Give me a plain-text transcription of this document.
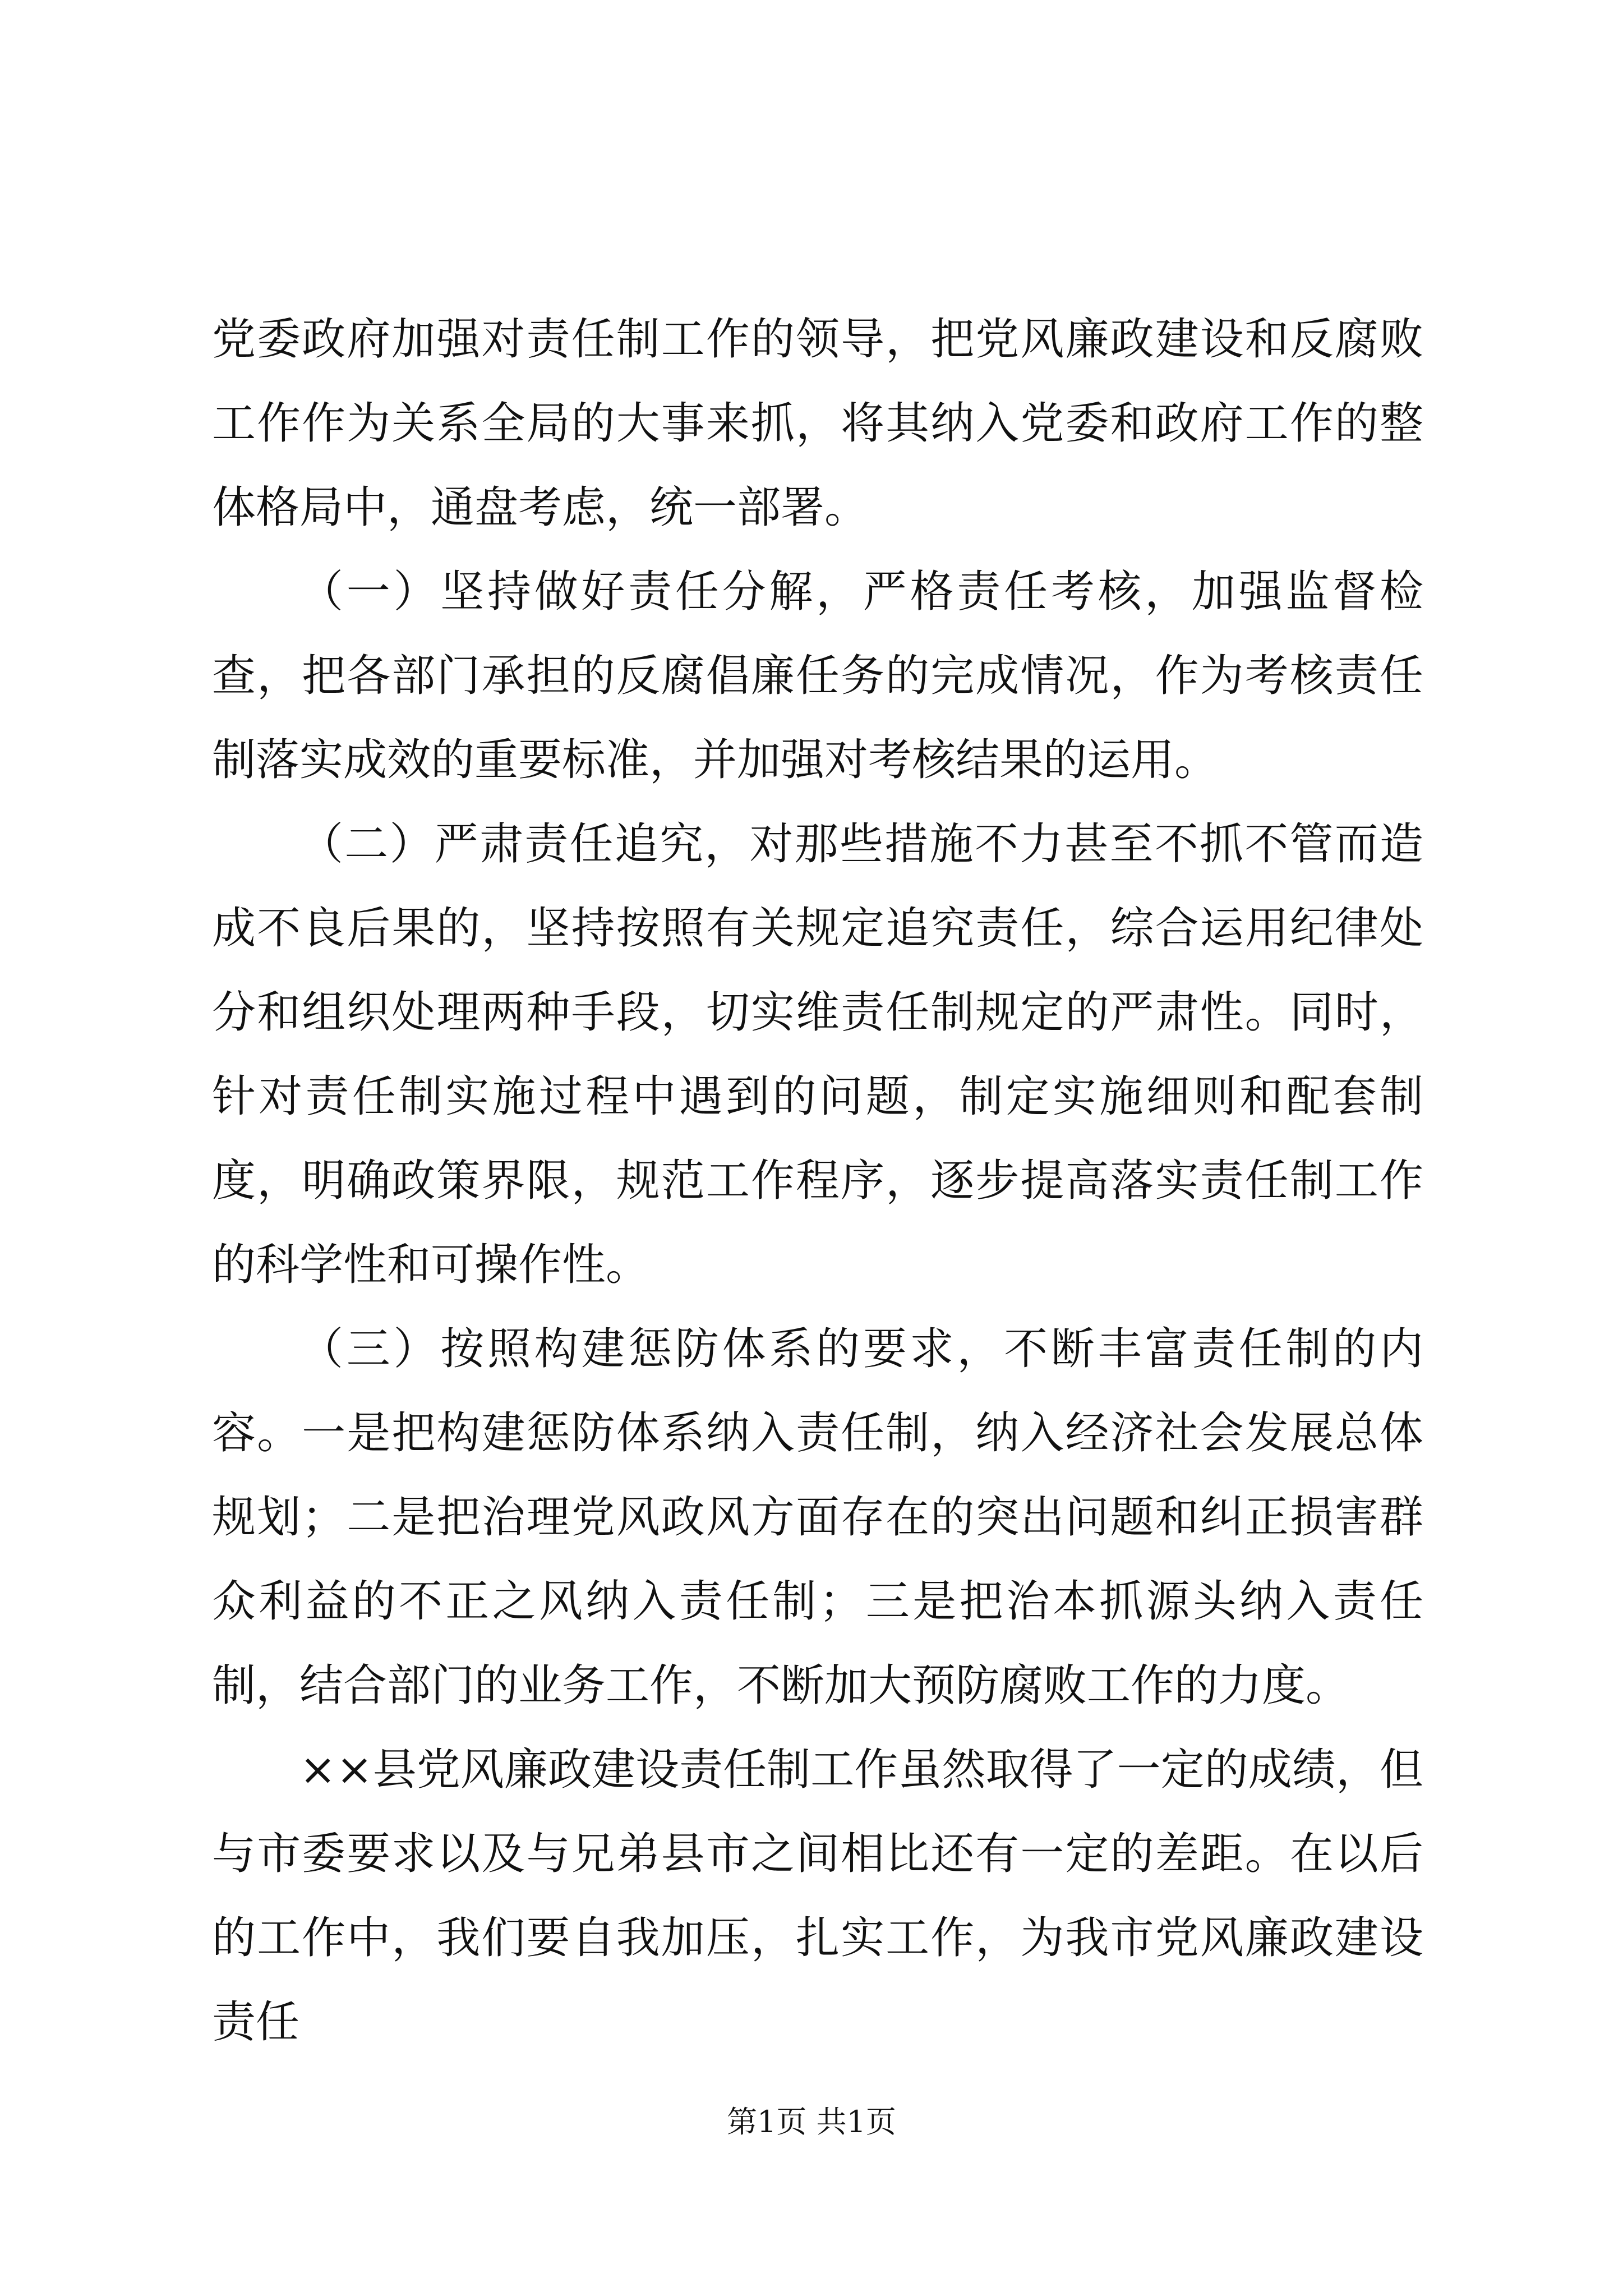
党委政府加强对责任制工作的领导，把党风廉政建设和反腐败工作作为关系全局的大事来抓，将其纳入党委和政府工作的整体格局中，通盘考虑，统一部署。

（一）坚持做好责任分解，严格责任考核，加强监督检查，把各部门承担的反腐倡廉任务的完成情况，作为考核责任制落实成效的重要标准，并加强对考核结果的运用。

（二）严肃责任追究，对那些措施不力甚至不抓不管而造成不良后果的，坚持按照有关规定追究责任，综合运用纪律处分和组织处理两种手段，切实维责任制规定的严肃性。同时，针对责任制实施过程中遇到的问题，制定实施细则和配套制度，明确政策界限，规范工作程序，逐步提高落实责任制工作的科学性和可操作性。

（三）按照构建惩防体系的要求，不断丰富责任制的内容。一是把构建惩防体系纳入责任制，纳入经济社会发展总体规划；二是把治理党风政风方面存在的突出问题和纠正损害群众利益的不正之风纳入责任制；三是把治本抓源头纳入责任制，结合部门的业务工作，不断加大预防腐败工作的力度。

××县党风廉政建设责任制工作虽然取得了一定的成绩，但与市委要求以及与兄弟县市之间相比还有一定的差距。在以后的工作中，我们要自我加压，扎实工作，为我市党风廉政建设责任

第1页 共1页
